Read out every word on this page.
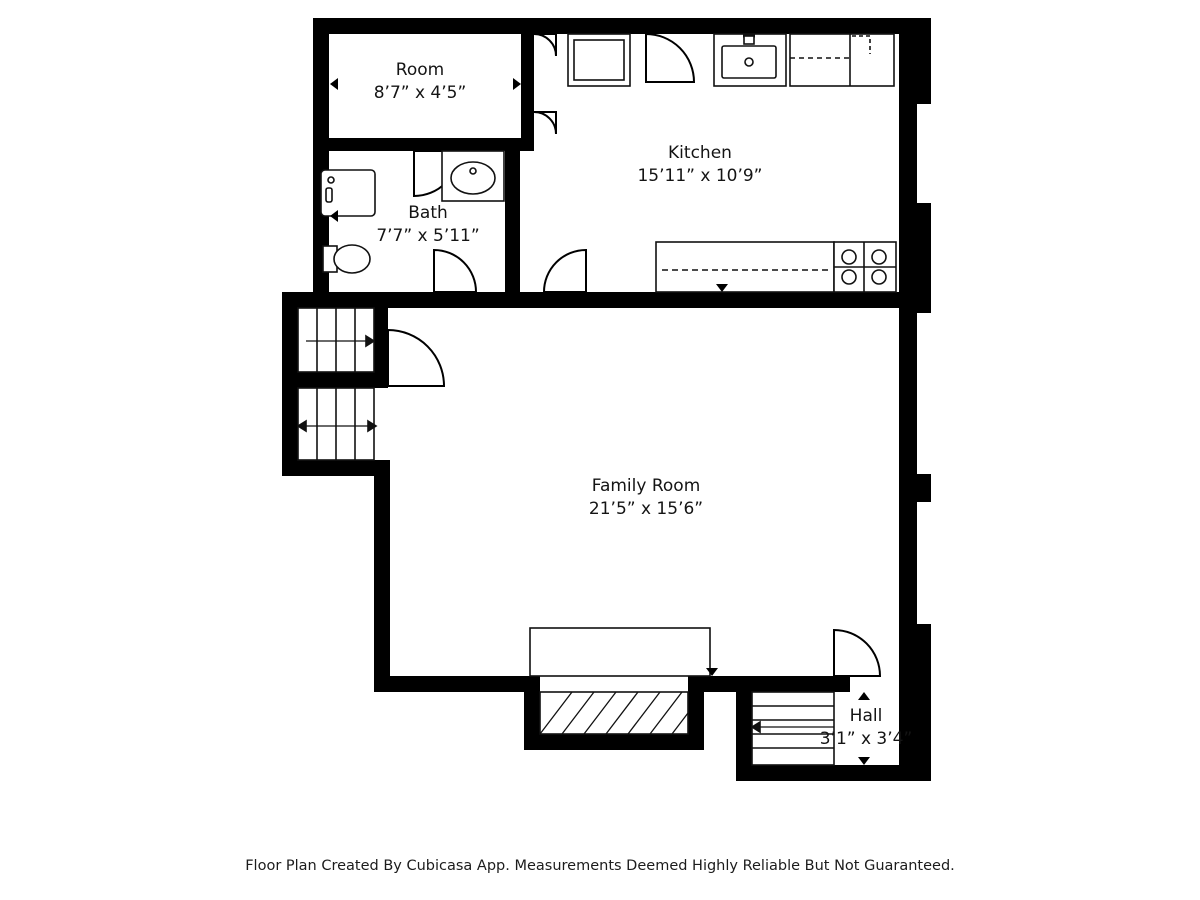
Room
8’7” x 4’5”
Kitchen
15’11” x 10’9”
Bath
7’7” x 5’11”
Family Room
21’5” x 15’6”
Hall
3’1” x 3’4”
Floor Plan Created By Cubicasa App. Measurements Deemed Highly Reliable But Not Guaranteed.
